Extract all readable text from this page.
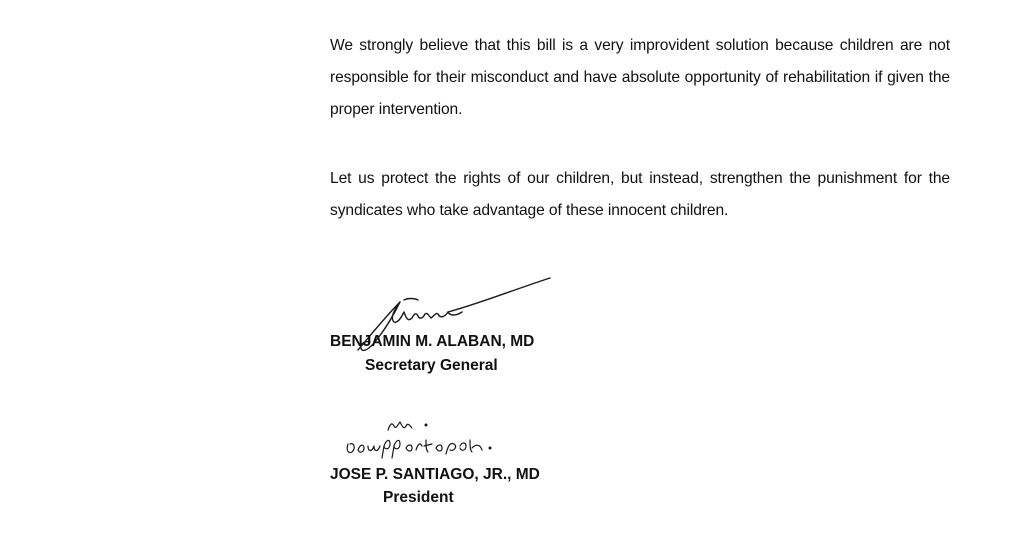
We strongly believe that this bill is a very improvident solution because children are not responsible for their misconduct and have absolute opportunity of rehabilitation if given the proper intervention.

Let us protect the rights of our children, but instead, strengthen the punishment for the syndicates who take advantage of these innocent children.

BENJAMIN M. ALABAN, MD

Secretary General

JOSE P. SANTIAGO, JR., MD

President
